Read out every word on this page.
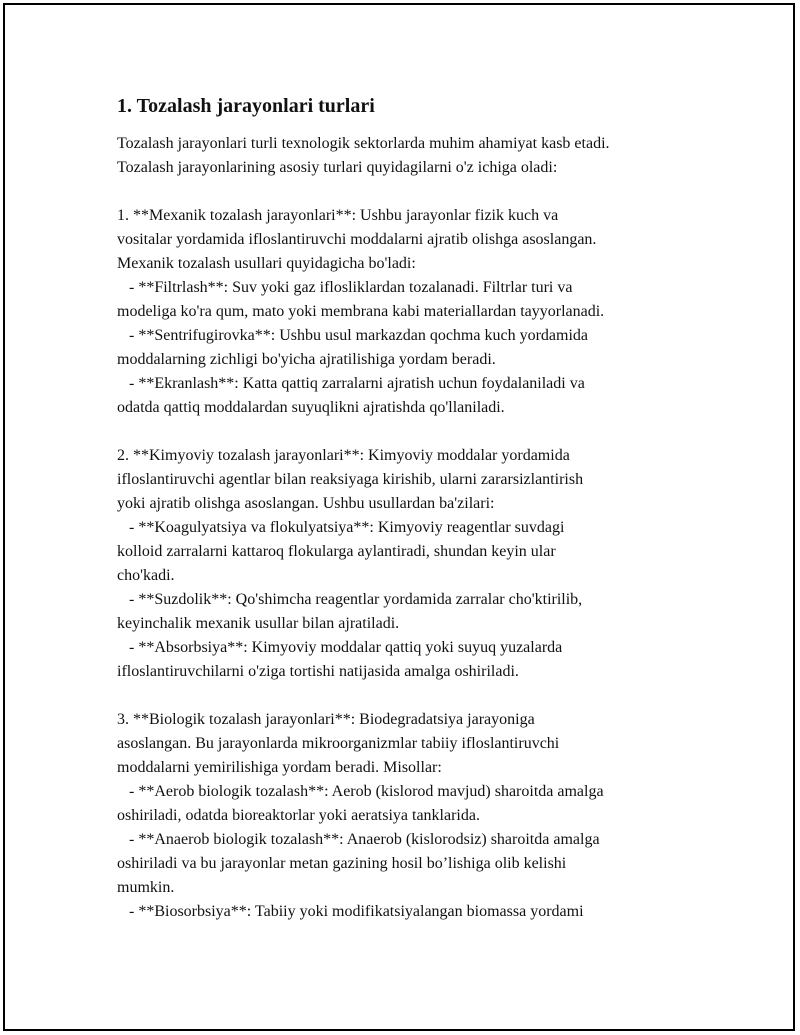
1. Tozalash jarayonlari turlari

Tozalash jarayonlari turli texnologik sektorlarda muhim ahamiyat kasb etadi.
Tozalash jarayonlarining asosiy turlari quyidagilarni o'z ichiga oladi:

1. **Mexanik tozalash jarayonlari**: Ushbu jarayonlar fizik kuch va
vositalar yordamida ifloslantiruvchi moddalarni ajratib olishga asoslangan.
Mexanik tozalash usullari quyidagicha bo'ladi:
- **Filtrlash**: Suv yoki gaz iflosliklardan tozalanadi. Filtrlar turi va
modeliga ko'ra qum, mato yoki membrana kabi materiallardan tayyorlanadi.
- **Sentrifugirovka**: Ushbu usul markazdan qochma kuch yordamida
moddalarning zichligi bo'yicha ajratilishiga yordam beradi.
- **Ekranlash**: Katta qattiq zarralarni ajratish uchun foydalaniladi va
odatda qattiq moddalardan suyuqlikni ajratishda qo'llaniladi.

2. **Kimyoviy tozalash jarayonlari**: Kimyoviy moddalar yordamida
ifloslantiruvchi agentlar bilan reaksiyaga kirishib, ularni zararsizlantirish
yoki ajratib olishga asoslangan. Ushbu usullardan ba'zilari:
- **Koagulyatsiya va flokulyatsiya**: Kimyoviy reagentlar suvdagi
kolloid zarralarni kattaroq flokularga aylantiradi, shundan keyin ular
cho'kadi.
- **Suzdolik**: Qo'shimcha reagentlar yordamida zarralar cho'ktirilib,
keyinchalik mexanik usullar bilan ajratiladi.
- **Absorbsiya**: Kimyoviy moddalar qattiq yoki suyuq yuzalarda
ifloslantiruvchilarni o'ziga tortishi natijasida amalga oshiriladi.

3. **Biologik tozalash jarayonlari**: Biodegradatsiya jarayoniga
asoslangan. Bu jarayonlarda mikroorganizmlar tabiiy ifloslantiruvchi
moddalarni yemirilishiga yordam beradi. Misollar:
- **Aerob biologik tozalash**: Aerob (kislorod mavjud) sharoitda amalga
oshiriladi, odatda bioreaktorlar yoki aeratsiya tanklarida.
- **Anaerob biologik tozalash**: Anaerob (kislorodsiz) sharoitda amalga
oshiriladi va bu jarayonlar metan gazining hosil bo’lishiga olib kelishi
mumkin.
- **Biosorbsiya**: Tabiiy yoki modifikatsiyalangan biomassa yordami
